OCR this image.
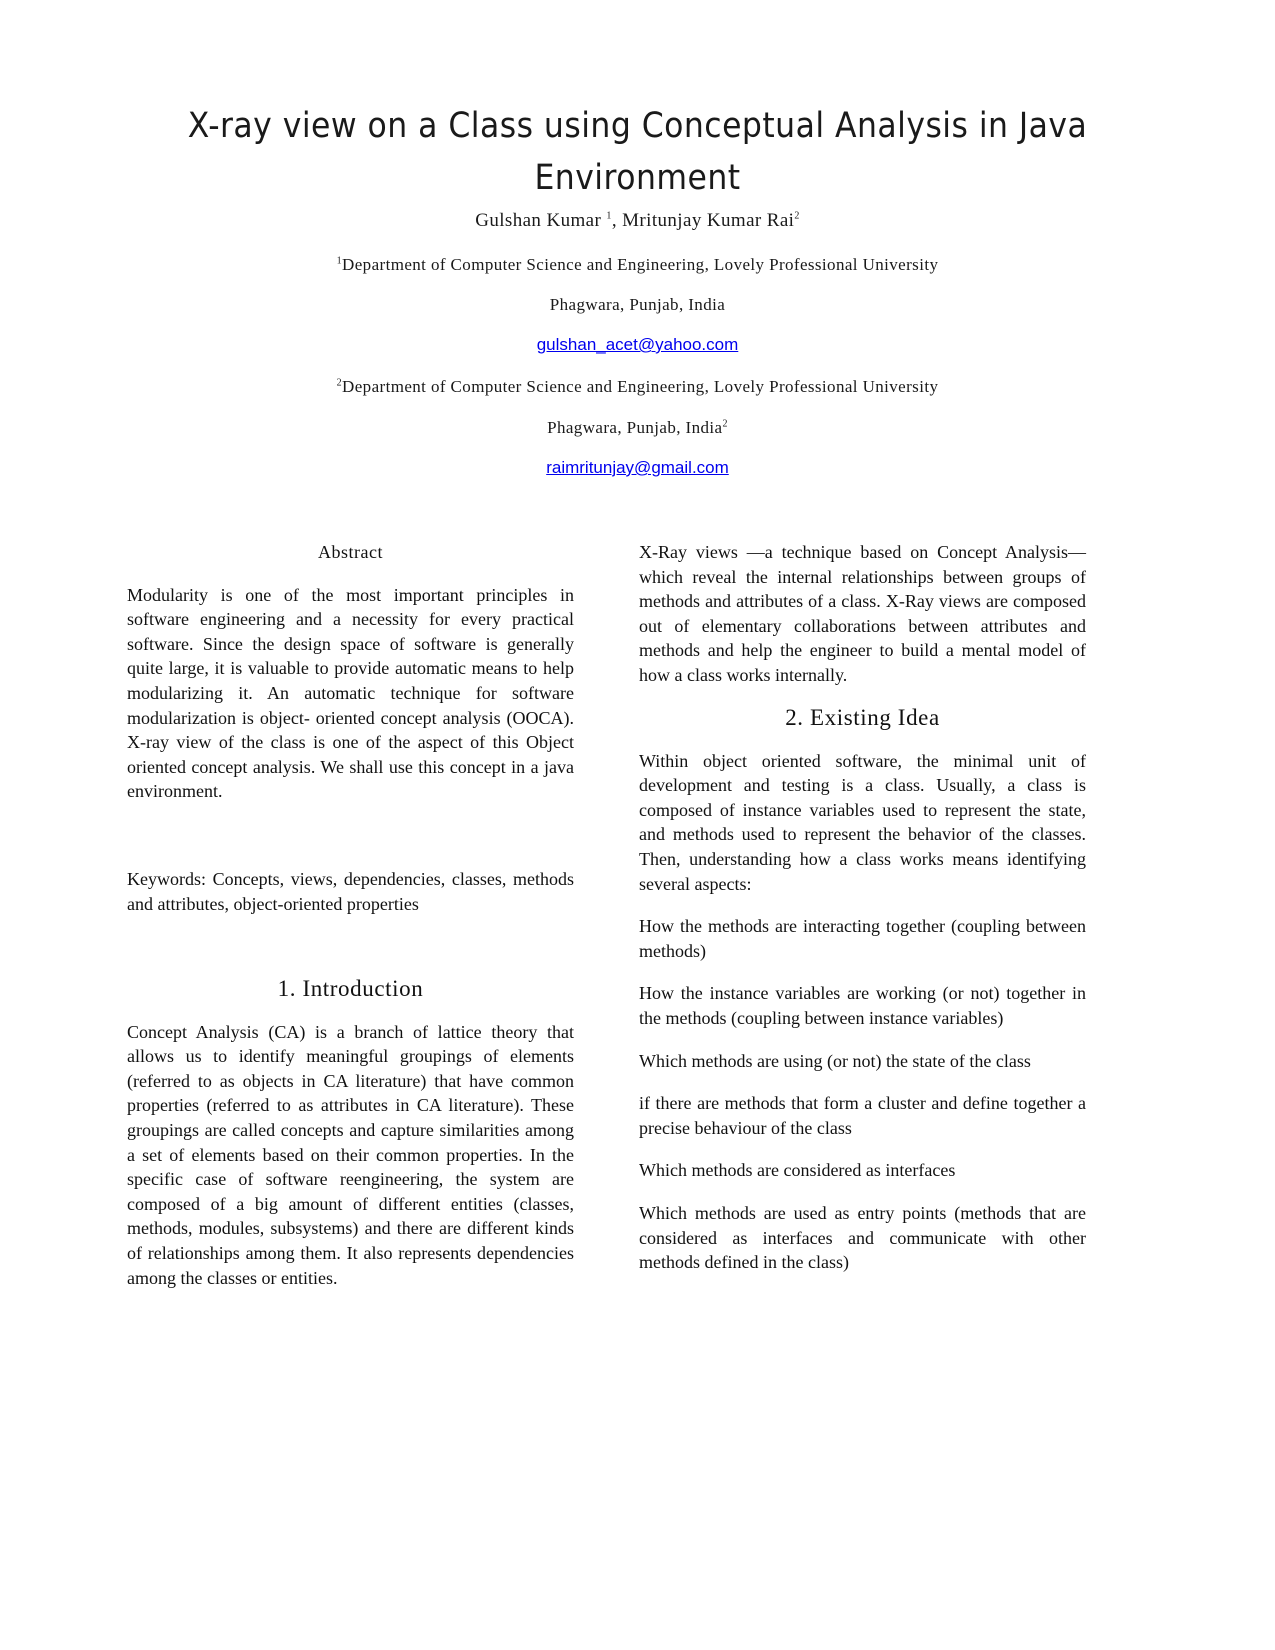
X-ray view on a Class using Conceptual Analysis in Java
Environment
Gulshan Kumar $^1$, Mritunjay Kumar Rai$^2$
$^1$Department of Computer Science and Engineering, Lovely Professional University
Phagwara, Punjab, India
gulshan_acet@yahoo.com
$^2$Department of Computer Science and Engineering, Lovely Professional University
Phagwara, Punjab, India$^2$
raimritunjay@gmail.com

Abstract

Modularity is one of the most important principles in software engineering and a necessity for every practical software. Since the design space of software is generally quite large, it is valuable to provide automatic means to help modularizing it. An automatic technique for software modularization is object- oriented concept analysis (OOCA). X-ray view of the class is one of the aspect of this Object oriented concept analysis. We shall use this concept in a java environment.

Keywords: Concepts, views, dependencies, classes, methods and attributes, object-oriented properties

1. Introduction

Concept Analysis (CA) is a branch of lattice theory that allows us to identify meaningful groupings of elements (referred to as objects in CA literature) that have common properties (referred to as attributes in CA literature). These groupings are called concepts and capture similarities among a set of elements based on their common properties. In the specific case of software reengineering, the system are composed of a big amount of different entities (classes, methods, modules, subsystems) and there are different kinds of relationships among them. It also represents dependencies among the classes or entities.

X-Ray views —a technique based on Concept Analysis— which reveal the internal relationships between groups of methods and attributes of a class. X-Ray views are composed out of elementary collaborations between attributes and methods and help the engineer to build a mental model of how a class works internally.

2. Existing Idea

Within object oriented software, the minimal unit of development and testing is a class. Usually, a class is composed of instance variables used to represent the state, and methods used to represent the behavior of the classes. Then, understanding how a class works means identifying several aspects:

How the methods are interacting together (coupling between methods)

How the instance variables are working (or not) together in the methods (coupling between instance variables)

Which methods are using (or not) the state of the class

if there are methods that form a cluster and define together a precise behaviour of the class

Which methods are considered as interfaces

Which methods are used as entry points (methods that are considered as interfaces and communicate with other methods defined in the class)
